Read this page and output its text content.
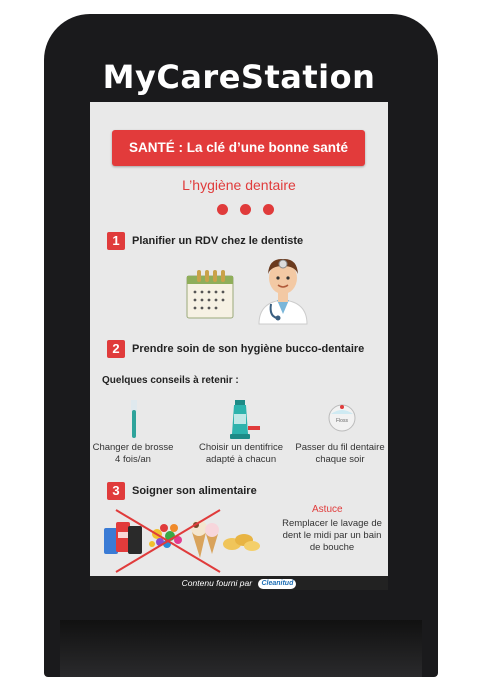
MyCareStation
SANTÉ : La clé d’une bonne santé
L’hygiène dentaire
1	Planifier un RDV chez le dentiste
2	Prendre soin de son hygiène bucco-dentaire
Quelques conseils à retenir :
Floss
Changer de brosse
4 fois/an
Choisir un dentifrice
adapté à chacun
Passer du fil dentaire
chaque soir
3	Soigner son alimentaire
Astuce
Remplacer le lavage de dent le midi par un bain de bouche
Contenu fourni par Cleanitud
